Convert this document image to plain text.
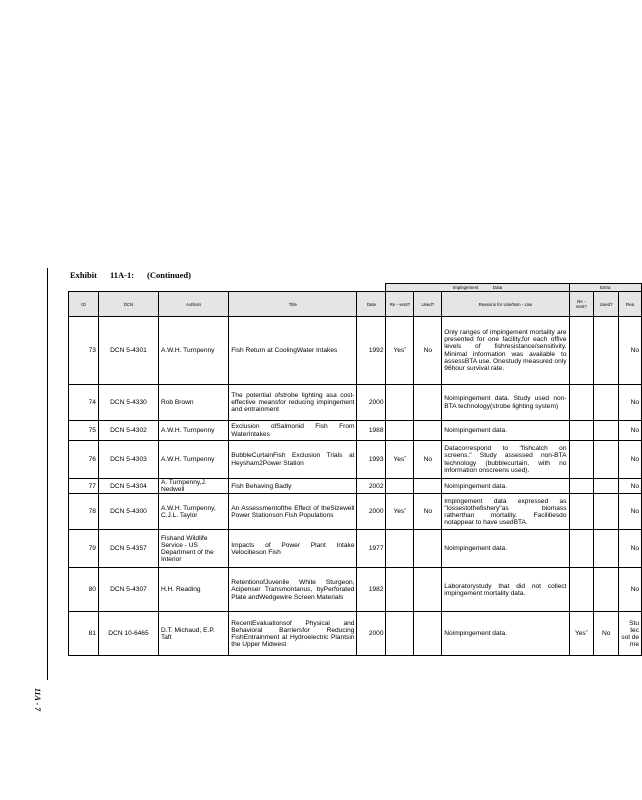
11A - 7
Exhibit 11A-1: (Continued)
					Impingement Data			Entra		
ID	DCN	Authors	Title	Date	Re - sent?	Used?	Reasons for Use/Non - Use	Re - sent?	Used?	Rea

73	DCN 5-4301	A.W.H. Turnpenny	Fish Return at CoolingWater Intakes	1992	Yes˚	No	Only ranges of impingement mortality are presented for one facility,for each ofﬁve levels of fishresistance/sensitivity. Minimal information was available to assessBTA use. Onestudy measured only 96hour survival rate.			No
74	DCN 5-4330	Rob Brown	The potential ofstrobe lighting asa cost- effective meansfor reducing impingement and entrainment	2000			Noimpingement data. Study used non-BTA technology(strobe lighting system)			No
75	DCN 5-4302	A.W.H. Turnpenny	Exclusion ofSalmonid Fish From WaterIntakes	1988			Noimpingement data.			No
76	DCN 5-4303	A.W.H. Turnpenny	BubbleCurtainFish Exclusion Trials at Heysham2Power Station	1993	Yes˚	No	Datacorrespond to "fishcatch on screens." Study assessed non-BTA technology (bubblecurtain, with no information onscreens used).			No
77	DCN 5-4304	A. Turnpenny,J. Nedwell	Fish Behaving Badly	2002			Noimpingement data.			No
78	DCN 5-4300	A.W.H. Turnpenny, C.J.L. Taylor	An Assessmentofthe Effect of theSizewell Power Stationson Fish Populations	2000	Yes˚	No	Impingement data expressed as "lossestothefishery"as biomass ratherthan mortality. Facilitiesdo notappear to have usedBTA.			No
79	DCN 5-4357	Fishand Wildlife Service - US Department of the Interior	Impacts of Power Plant Intake Velocitieson Fish	1977			Noimpingement data.			No
80	DCN 5-4307	H.H. Reading	RetentionofJuvenile White Sturgeon, Acipenser Transmontanus, byPerforated Plate andWedgewire Screen Materials	1982			Laboratorystudy that did not collect impingement mortality data.			No
81	DCN 10-6465	D.T. Michaud, E.P. Taft	RecentEvaluationsof Physical and Behavioral Barriersfor Reducing FishEntrainment at Hydroelectric Plantsin the Upper Midwest	2000			Noimpingement data.	Yes˚	No	Stu tec sol de me
